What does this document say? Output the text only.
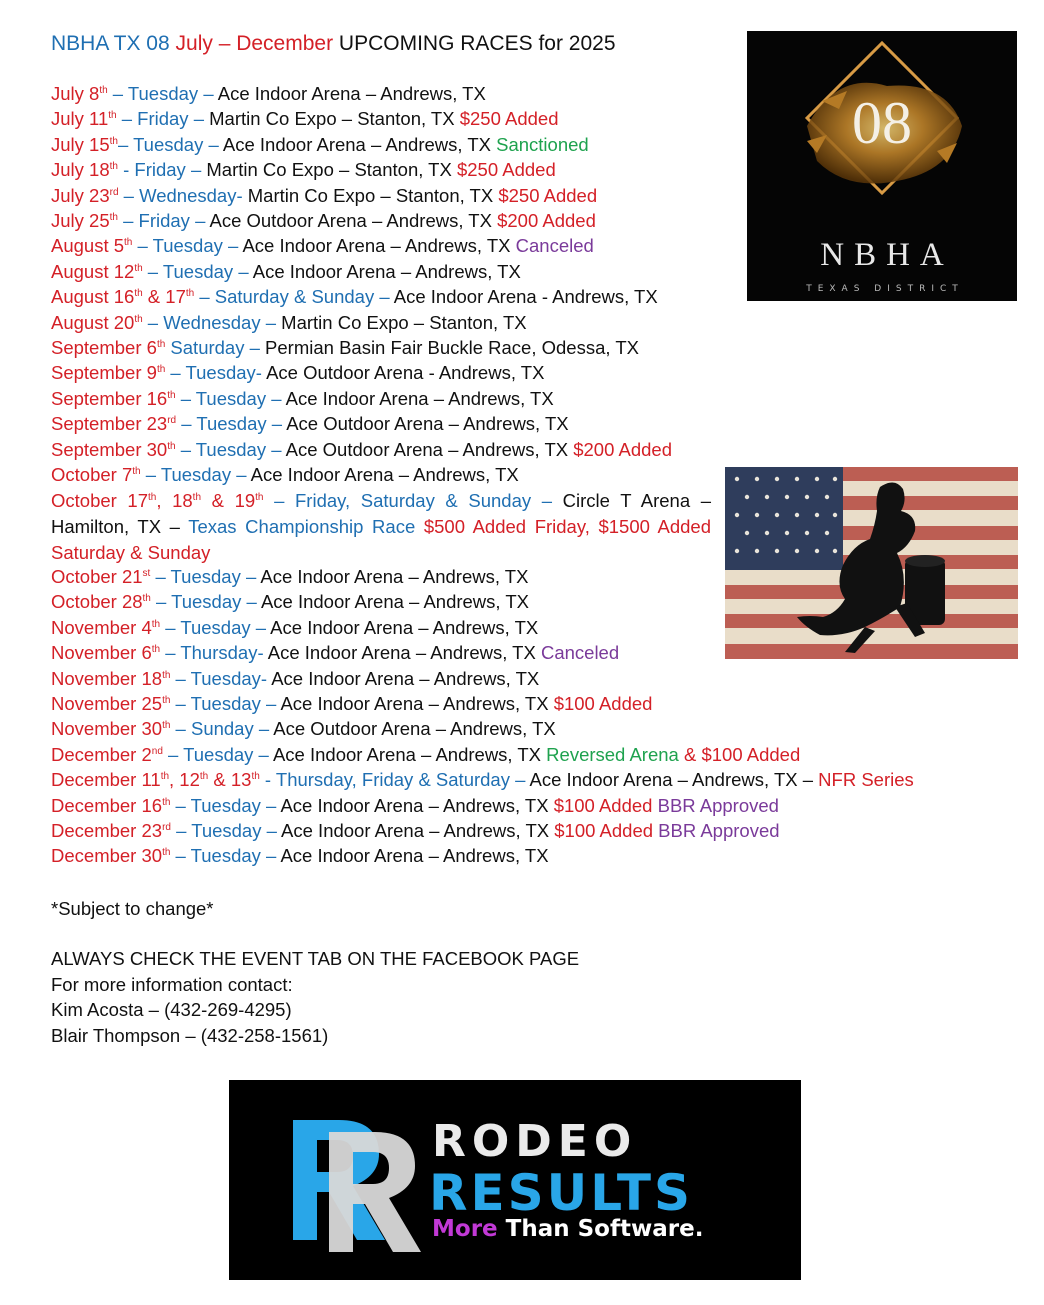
NBHA TX 08 July – December UPCOMING RACES for 2025
July 8th – Tuesday – Ace Indoor Arena – Andrews, TX
July 11th – Friday – Martin Co Expo – Stanton, TX $250 Added
July 15th– Tuesday – Ace Indoor Arena – Andrews, TX Sanctioned
July 18th - Friday – Martin Co Expo – Stanton, TX $250 Added
July 23rd – Wednesday- Martin Co Expo – Stanton, TX $250 Added
July 25th – Friday – Ace Outdoor Arena – Andrews, TX $200 Added
August 5th – Tuesday – Ace Indoor Arena – Andrews, TX Canceled
August 12th – Tuesday – Ace Indoor Arena – Andrews, TX
August 16th & 17th – Saturday & Sunday – Ace Indoor Arena - Andrews, TX
August 20th – Wednesday – Martin Co Expo – Stanton, TX
September 6th Saturday – Permian Basin Fair Buckle Race, Odessa, TX
September 9th – Tuesday- Ace Outdoor Arena - Andrews, TX
September 16th – Tuesday – Ace Indoor Arena – Andrews, TX
September 23rd – Tuesday – Ace Outdoor Arena – Andrews, TX
September 30th – Tuesday – Ace Outdoor Arena – Andrews, TX $200 Added
October 7th – Tuesday – Ace Indoor Arena – Andrews, TX
October 17th, 18th & 19th – Friday, Saturday & Sunday – Circle T Arena – Hamilton, TX – Texas Championship Race $500 Added Friday, $1500 Added Saturday & Sunday
October 21st – Tuesday – Ace Indoor Arena – Andrews, TX
October 28th – Tuesday – Ace Indoor Arena – Andrews, TX
November 4th – Tuesday – Ace Indoor Arena – Andrews, TX
November 6th – Thursday- Ace Indoor Arena – Andrews, TX Canceled
November 18th – Tuesday- Ace Indoor Arena – Andrews, TX
November 25th – Tuesday – Ace Indoor Arena – Andrews, TX $100 Added
November 30th – Sunday – Ace Outdoor Arena – Andrews, TX
December 2nd – Tuesday – Ace Indoor Arena – Andrews, TX Reversed Arena & $100 Added
December 11th, 12th & 13th - Thursday, Friday & Saturday – Ace Indoor Arena – Andrews, TX – NFR Series
December 16th – Tuesday – Ace Indoor Arena – Andrews, TX $100 Added BBR Approved
December 23rd – Tuesday – Ace Indoor Arena – Andrews, TX $100 Added BBR Approved
December 30th – Tuesday – Ace Indoor Arena – Andrews, TX
*Subject to change*
ALWAYS CHECK THE EVENT TAB ON THE FACEBOOK PAGE
For more information contact:
Kim Acosta – (432-269-4295)
Blair Thompson – (432-258-1561)
08
NBHA
TEXAS DISTRICT
RODEO
RESULTS
More Than Software.
